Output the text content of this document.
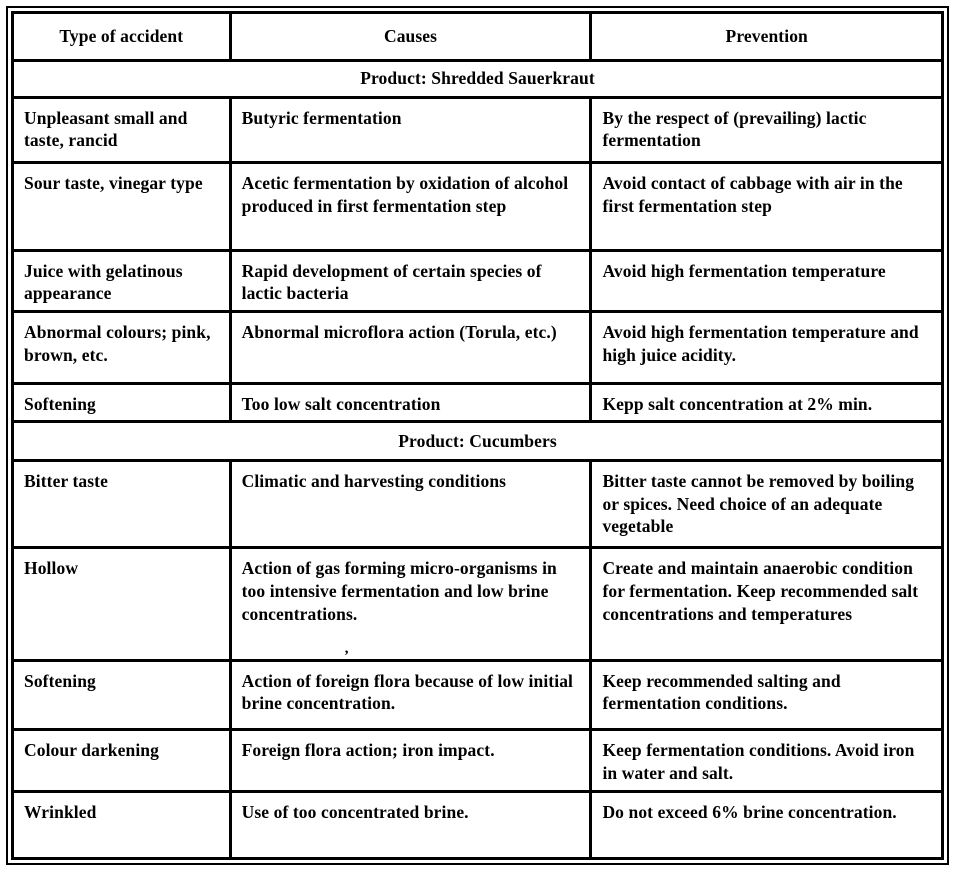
Type of accident	Causes	Prevention
Product: Shredded Sauerkraut		
Unpleasant small and taste, rancid	Butyric fermentation	By the respect of (prevailing) lactic fermentation
Sour taste, vinegar type	Acetic fermentation by oxidation of alcohol produced in first fermentation step	Avoid contact of cabbage with air in the first fermentation step
Juice with gelatinous appearance	Rapid development of certain species of lactic bacteria	Avoid high fermentation temperature
Abnormal colours; pink, brown, etc.	Abnormal microflora action (Torula, etc.)	Avoid high fermentation temperature and high juice acidity.
Softening	Too low salt concentration	Kepp salt concentration at 2% min.
Product: Cucumbers		
Bitter taste	Climatic and harvesting conditions	Bitter taste cannot be removed by boiling or spices. Need choice of an adequate vegetable
Hollow	Action of gas forming micro-organisms in too intensive fermentation and low brine concentrations.	Create and maintain anaerobic condition for fermentation. Keep recommended salt concentrations and temperatures
Softening	Action of foreign flora because of low initial brine concentration.	Keep recommended salting and fermentation conditions.
Colour darkening	Foreign flora action; iron impact.	Keep fermentation conditions. Avoid iron in water and salt.
Wrinkled	Use of too concentrated brine.	Do not exceed 6% brine concentration.
’
